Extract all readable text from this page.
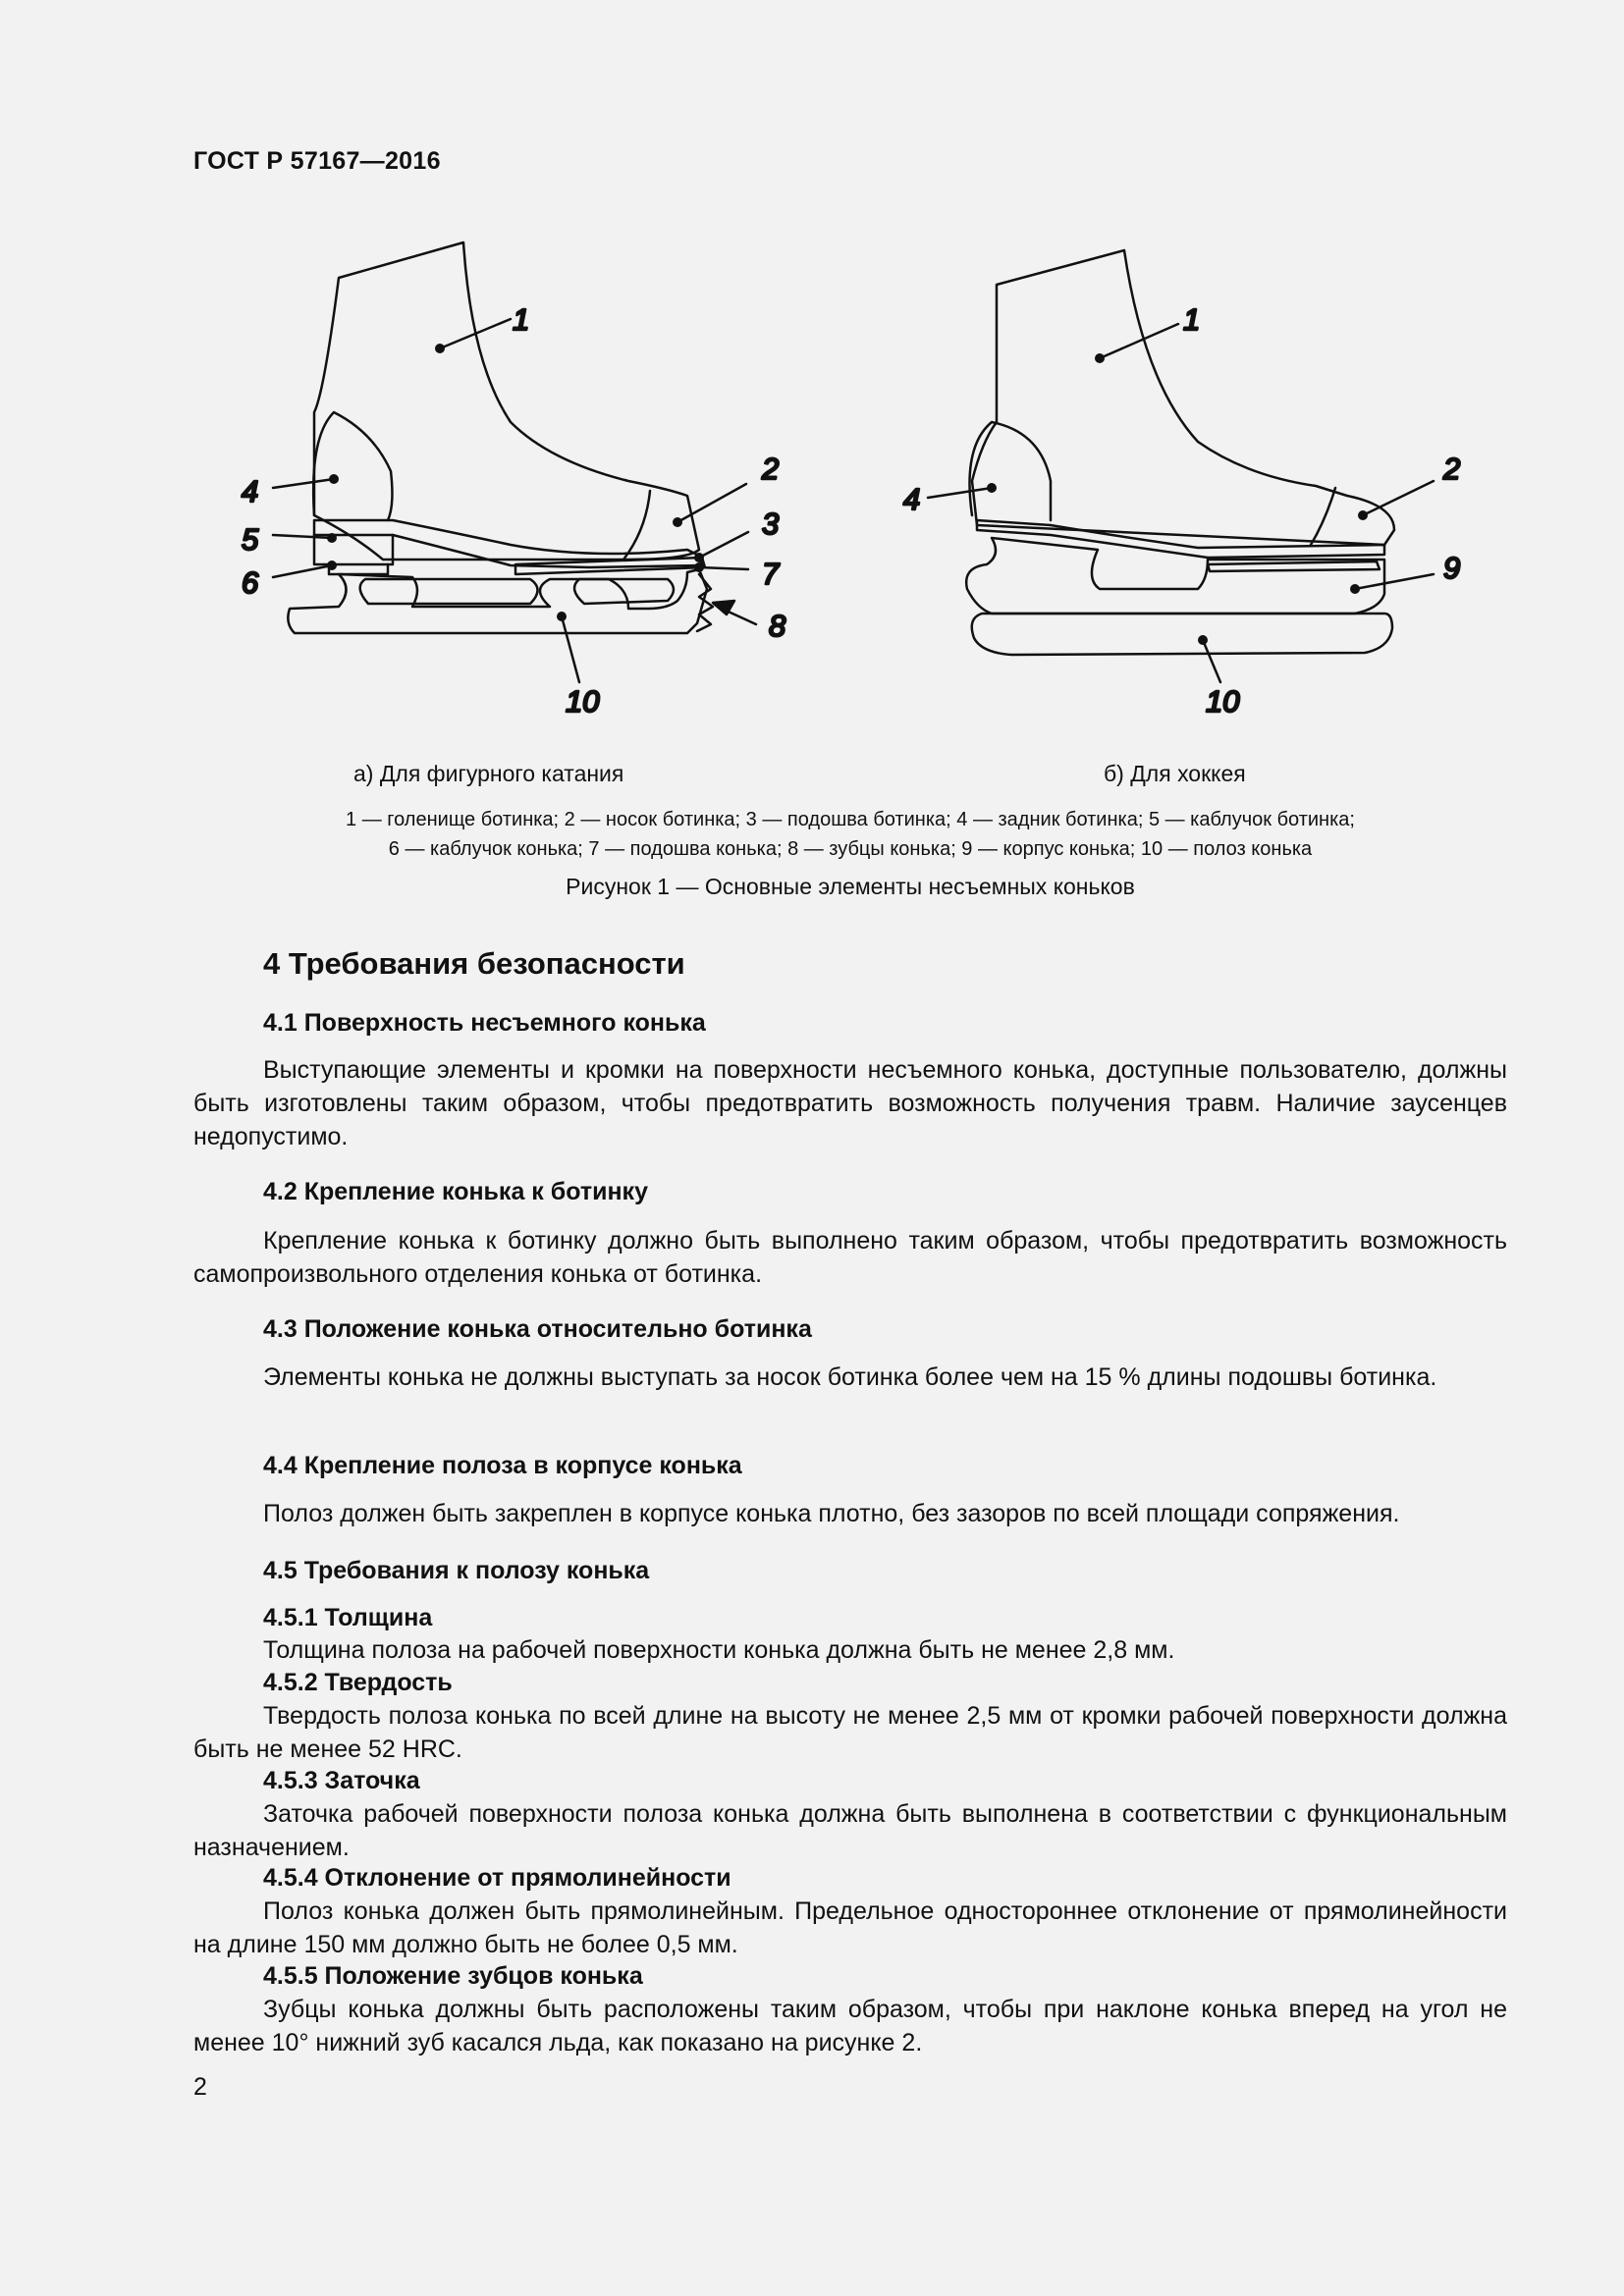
ГОСТ Р 57167—2016
1
2
3
4
5
6	7
8
10
1
2
4
9
10
а) Для фигурного катания	б) Для хоккея
1 — голенище ботинка; 2 — носок ботинка; 3 — подошва ботинка; 4 — задник ботинка; 5 — каблучок ботинка;
6 — каблучок конька; 7 — подошва конька; 8 — зубцы конька; 9 — корпус конька; 10 — полоз конька
Рисунок 1 — Основные элементы несъемных коньков
4 Требования безопасности
4.1 Поверхность несъемного конька

Выступающие элементы и кромки на поверхности несъемного конька, доступные пользователю, должны быть изготовлены таким образом, чтобы предотвратить возможность получения травм. Наличие заусенцев недопустимо.

4.2 Крепление конька к ботинку

Крепление конька к ботинку должно быть выполнено таким образом, чтобы предотвратить возможность самопроизвольного отделения конька от ботинка.

4.3 Положение конька относительно ботинка

Элементы конька не должны выступать за носок ботинка более чем на 15 % длины подошвы ботинка.

4.4 Крепление полоза в корпусе конька

Полоз должен быть закреплен в корпусе конька плотно, без зазоров по всей площади сопряжения.

4.5 Требования к полозу конька
4.5.1 Толщина

Толщина полоза на рабочей поверхности конька должна быть не менее 2,8 мм.

4.5.2 Твердость

Твердость полоза конька по всей длине на высоту не менее 2,5 мм от кромки рабочей поверхности должна быть не менее 52 HRC.

4.5.3 Заточка

Заточка рабочей поверхности полоза конька должна быть выполнена в соответствии с функциональным назначением.

4.5.4 Отклонение от прямолинейности

Полоз конька должен быть прямолинейным. Предельное одностороннее отклонение от прямолинейности на длине 150 мм должно быть не более 0,5 мм.

4.5.5 Положение зубцов конька

Зубцы конька должны быть расположены таким образом, чтобы при наклоне конька вперед на угол не менее 10° нижний зуб касался льда, как показано на рисунке 2.

2
